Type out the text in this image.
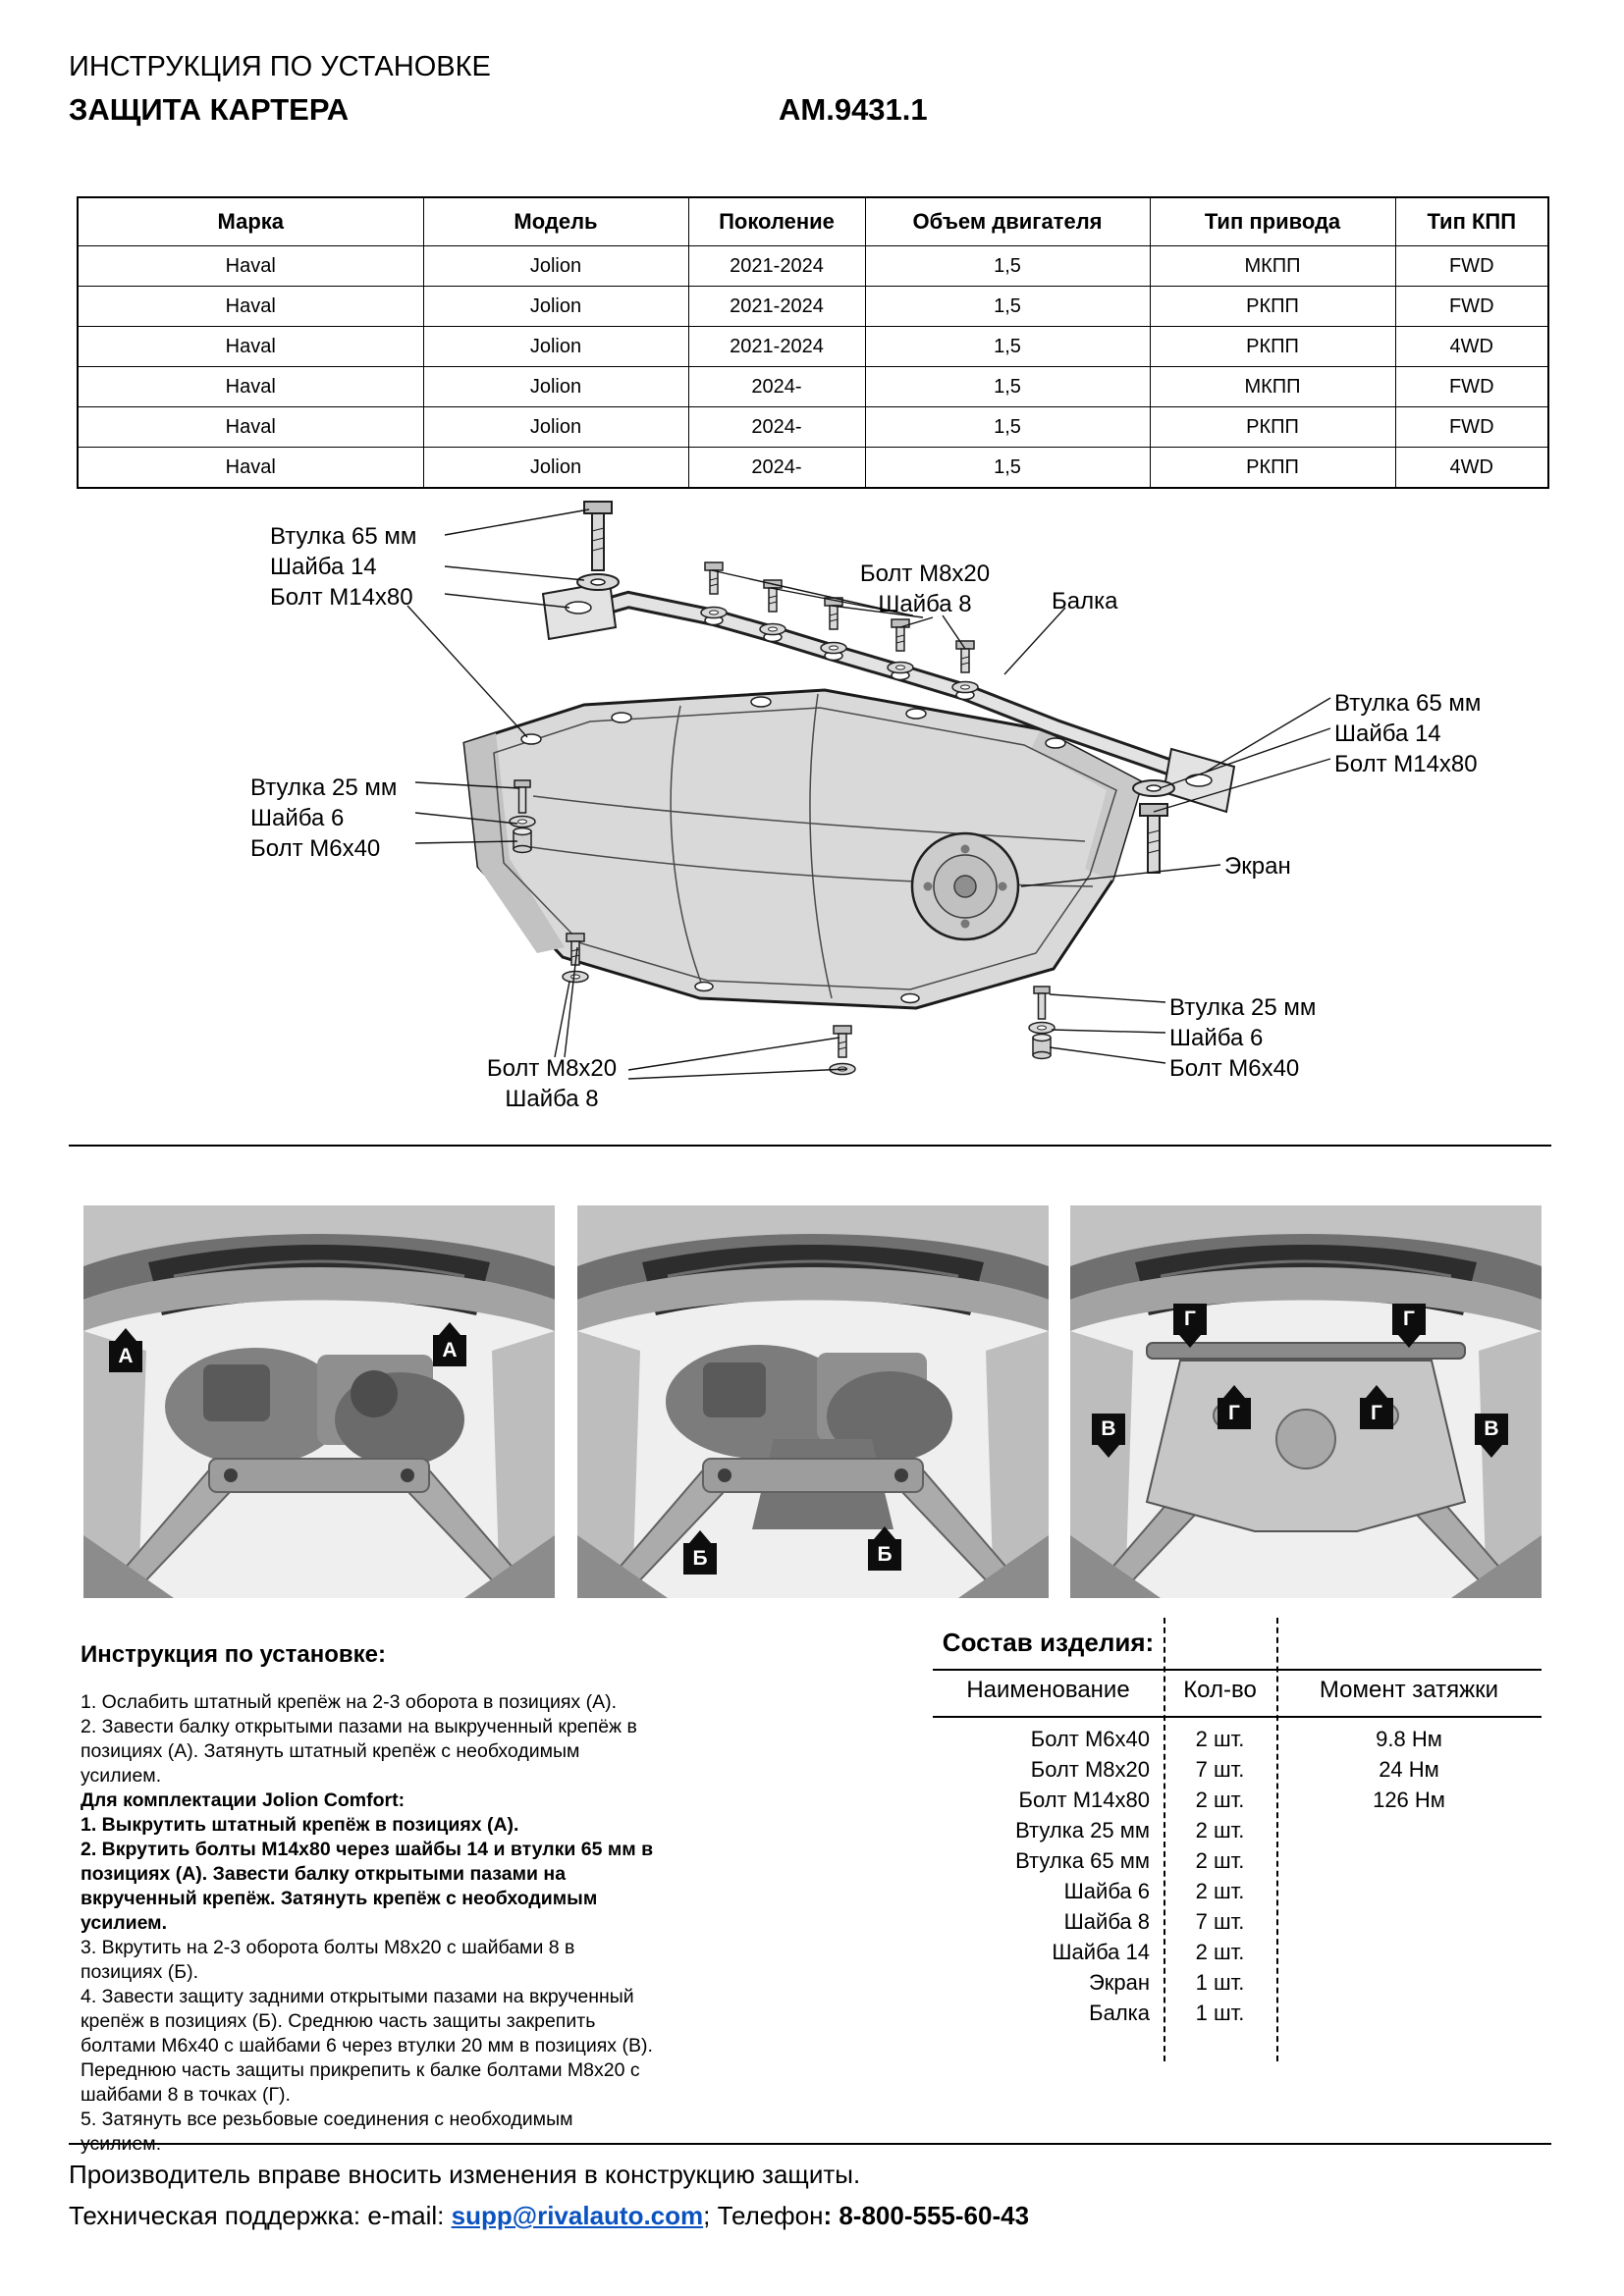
ИНСТРУКЦИЯ ПО УСТАНОВКЕ
ЗАЩИТА КАРТЕРА	АМ.9431.1
Марка	Модель	Поколение	Объем двигателя	Тип привода	Тип КПП
Haval	Jolion	2021-2024	1,5	МКПП	FWD
Haval	Jolion	2021-2024	1,5	РКПП	FWD
Haval	Jolion	2021-2024	1,5	РКПП	4WD
Haval	Jolion	2024-	1,5	МКПП	FWD
Haval	Jolion	2024-	1,5	РКПП	FWD
Haval	Jolion	2024-	1,5	РКПП	4WD
Втулка 65 мм
Шайба 14
Болт М14х80
Болт М8х20
Шайба 8	Балка
Втулка 65 мм
Шайба 14
Болт М14х80
Втулка 25 мм
Шайба 6
Болт М6х40
Экран
Втулка 25 мм
Шайба 6
Болт М6х40
Болт М8х20
Шайба 8
А	А
Б	Б
Г	Г
Г	Г
В	В
Инструкция по установке:
1. Ослабить штатный крепёж на 2-3 оборота в позициях (А).
2. Завести балку открытыми пазами на выкрученный крепёж в позициях (А). Затянуть штатный крепёж с необходимым усилием.
Для комплектации Jolion Comfort:
1. Выкрутить штатный крепёж в позициях (А).
2. Вкрутить болты М14х80 через шайбы 14 и втулки 65 мм в позициях (А). Завести балку открытыми пазами на вкрученный крепёж. Затянуть крепёж с необходимым усилием.
3. Вкрутить на 2-3 оборота болты М8х20 с шайбами 8 в позициях (Б).
4. Завести защиту задними открытыми пазами на вкрученный крепёж в позициях (Б). Среднюю часть защиты закрепить болтами М6х40 с шайбами 6 через втулки 20 мм в позициях (В). Переднюю часть защиты прикрепить к балке болтами М8х20 с шайбами 8 в точках (Г).
5. Затянуть все резьбовые соединения с необходимым усилием.
Состав изделия:
Наименование	Кол-во	Момент затяжки
Болт М6х40	2 шт.	9.8 Нм
Болт М8х20	7 шт.	24 Нм
Болт М14х80	2 шт.	126 Нм
Втулка 25 мм	2 шт.
Втулка 65 мм	2 шт.
Шайба 6	2 шт.
Шайба 8	7 шт.
Шайба 14	2 шт.
Экран	1 шт.
Балка	1 шт.
Производитель вправе вносить изменения в конструкцию защиты.
Техническая поддержка: e-mail: supp@rivalauto.com; Телефон: 8-800-555-60-43
